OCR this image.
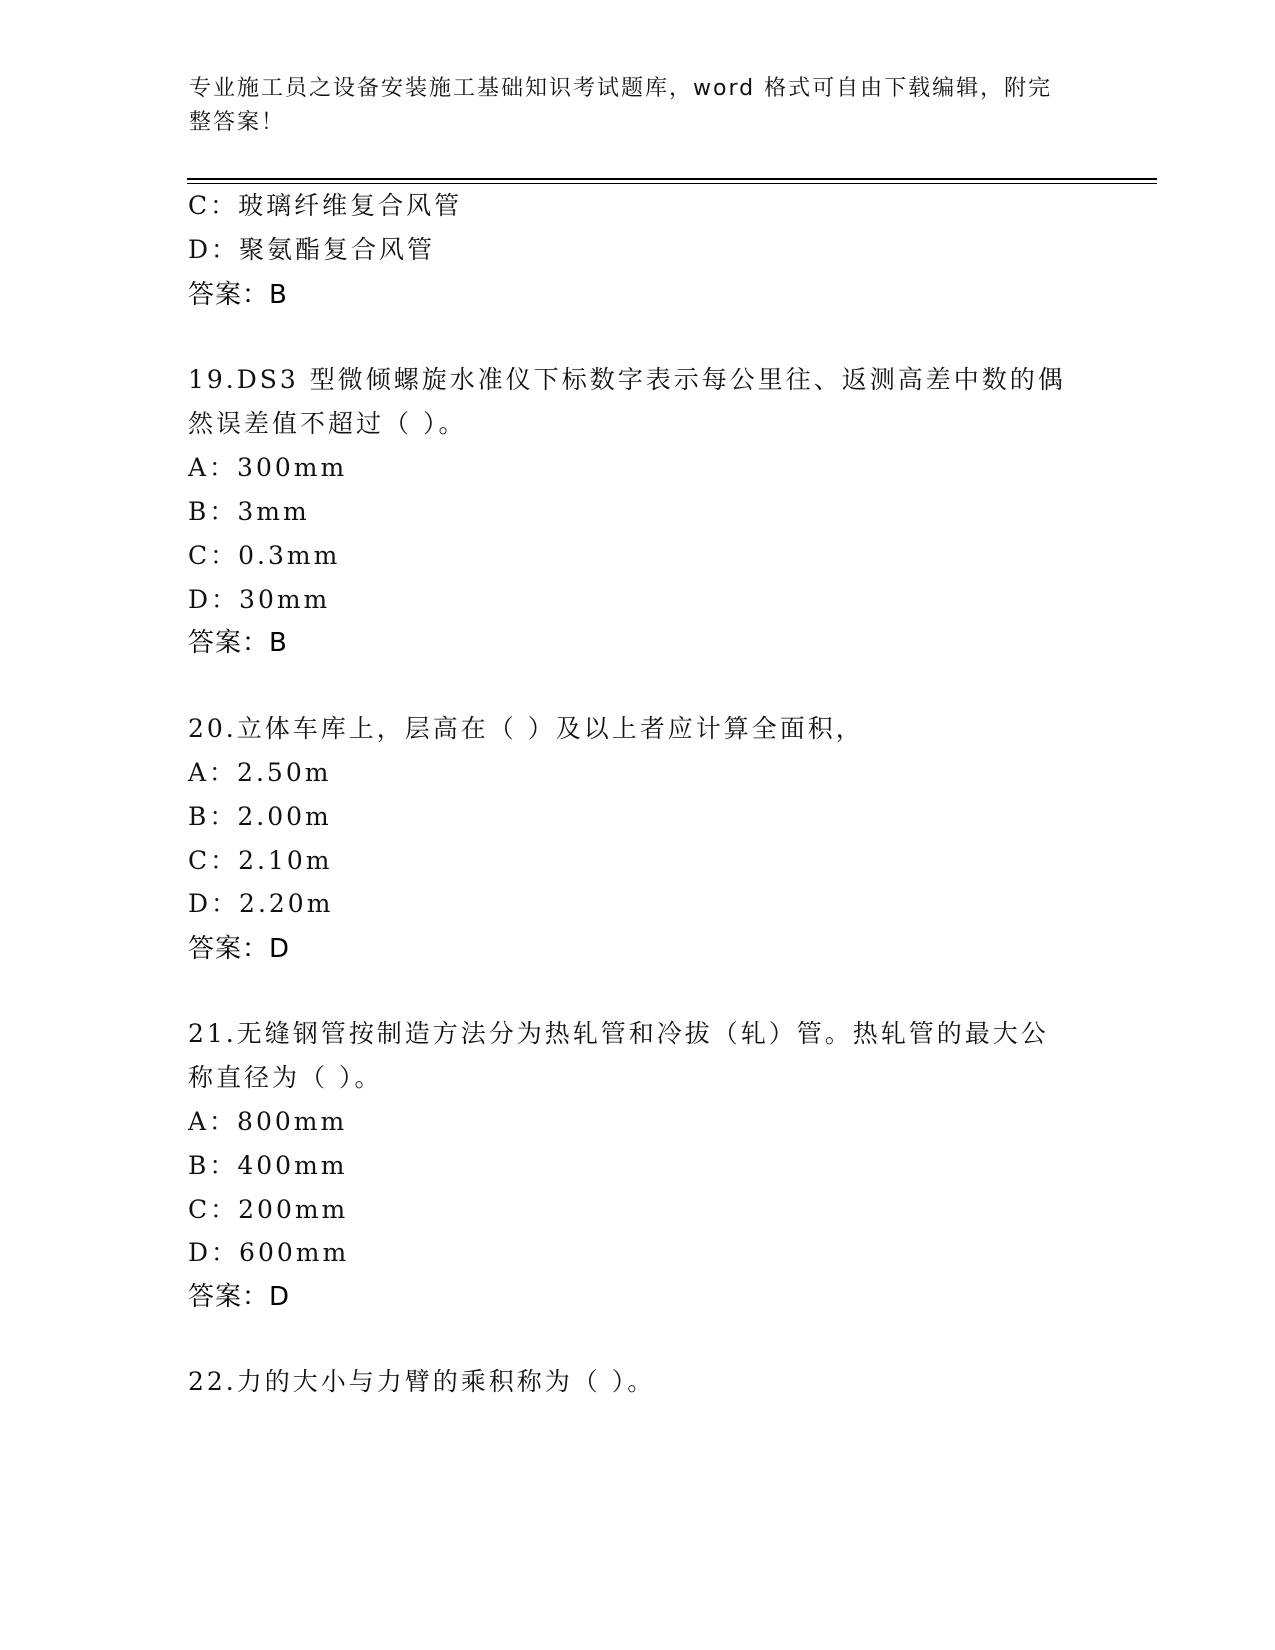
专业施工员之设备安装施工基础知识考试题库，word 格式可自由下载编辑，附完整答案！
C：玻璃纤维复合风管
D：聚氨酯复合风管
答案：B
19.DS3 型微倾螺旋水准仪下标数字表示每公里往、返测高差中数的偶
然误差值不超过（ ）。
A：300mm
B：3mm
C：0.3mm
D：30mm
答案：B
20.立体车库上，层高在（ ）及以上者应计算全面积，
A：2.50m
B：2.00m
C：2.10m
D：2.20m
答案：D
21.无缝钢管按制造方法分为热轧管和冷拔（轧）管。热轧管的最大公
称直径为（ ）。
A：800mm
B：400mm
C：200mm
D：600mm
答案：D
22.力的大小与力臂的乘积称为（ ）。
